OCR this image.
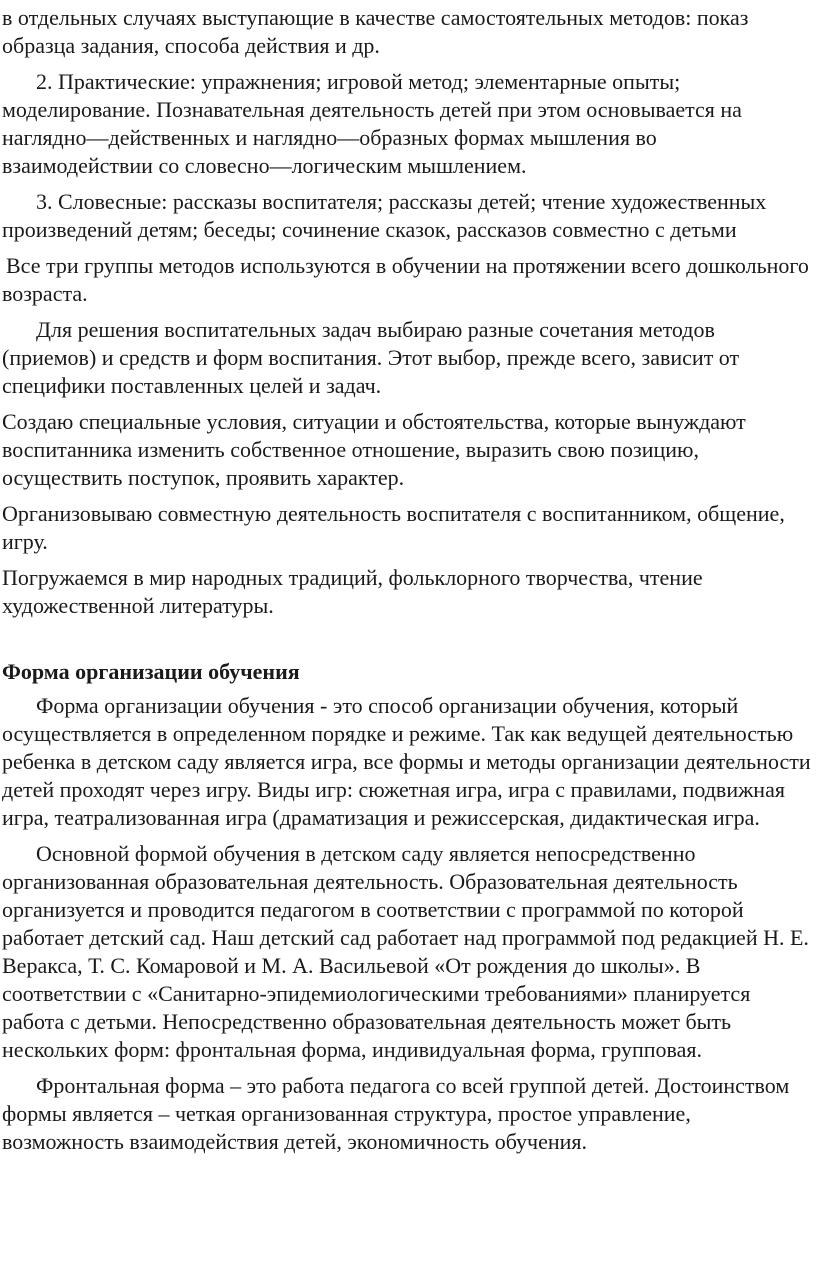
в отдельных случаях выступающие в качестве самостоятельных методов: показ образца задания, способа действия и др.

2. Практические: упражнения; игровой метод; элементарные опыты; моделирование. Познавательная деятельность детей при этом основывается на наглядно—действенных и наглядно—образных формах мышления во взаимодействии со словесно—логическим мышлением.

3. Словесные: рассказы воспитателя; рассказы детей; чтение художественных произведений детям; беседы; сочинение сказок, рассказов совместно с детьми

Все три группы методов используются в обучении на протяжении всего дошкольного возраста.

Для решения воспитательных задач выбираю разные сочетания методов (приемов) и средств и форм воспитания. Этот выбор, прежде всего, зависит от специфики поставленных целей и задач.

Создаю специальные условия, ситуации и обстоятельства, которые вынуждают воспитанника изменить собственное отношение, выразить свою позицию, осуществить поступок, проявить характер.

Организовываю совместную деятельность воспитателя с воспитанником, общение, игру.

Погружаемся в мир народных традиций, фольклорного творчества, чтение художественной литературы.

Форма организации обучения

Форма организации обучения - это способ организации обучения, который осуществляется в определенном порядке и режиме. Так как ведущей деятельностью ребенка в детском саду является игра, все формы и методы организации деятельности детей проходят через игру. Виды игр: сюжетная игра, игра с правилами, подвижная игра, театрализованная игра (драматизация и режиссерская, дидактическая игра.

Основной формой обучения в детском саду является непосредственно организованная образовательная деятельность. Образовательная деятельность организуется и проводится педагогом в соответствии с программой по которой работает детский сад. Наш детский сад работает над программой под редакцией Н. Е. Веракса, Т. С. Комаровой и М. А. Васильевой «От рождения до школы». В соответствии с «Санитарно-эпидемиологическими требованиями» планируется работа с детьми. Непосредственно образовательная деятельность может быть нескольких форм: фронтальная форма, индивидуальная форма, групповая.

Фронтальная форма – это работа педагога со всей группой детей. Достоинством формы является – четкая организованная структура, простое управление, возможность взаимодействия детей, экономичность обучения.
